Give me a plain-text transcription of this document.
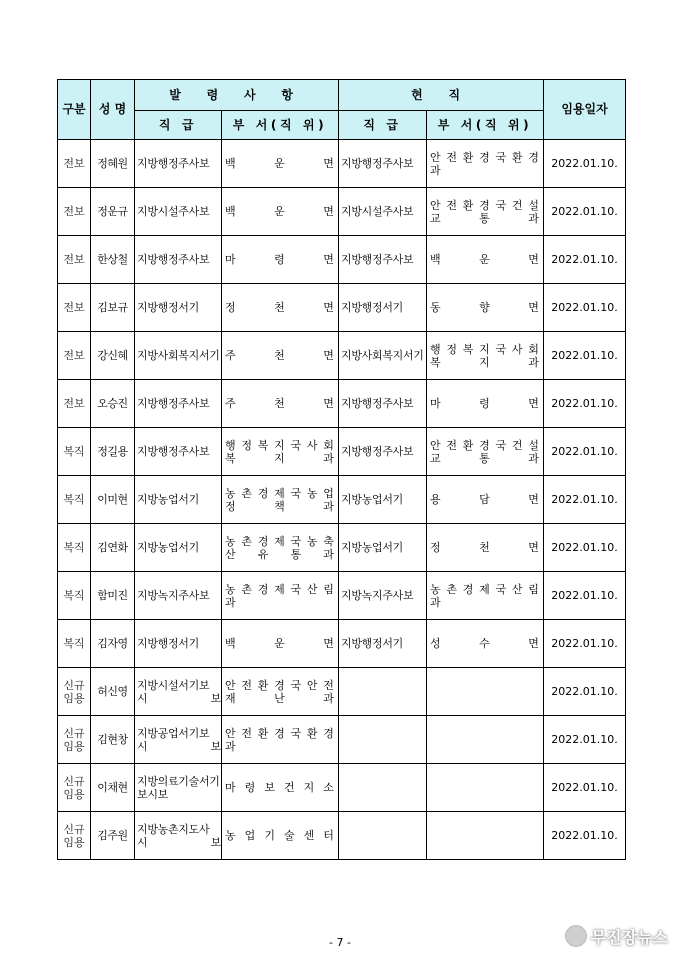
구분	성 명	발 령 사 항		현 직		임용일자
		직 급	부 서(직 위)	직 급	부 서(직 위)	
전보	정혜원	지방행정주사보	백 운 면	지방행정주사보	안 전 환 경 국 환 경 과	2022.01.10.
전보	정운규	지방시설주사보	백 운 면	지방시설주사보	안 전 환 경 국 건 설 교 통 과	2022.01.10.
전보	한상철	지방행정주사보	마 령 면	지방행정주사보	백 운 면	2022.01.10.
전보	김보규	지방행정서기	정 천 면	지방행정서기	동 향 면	2022.01.10.
전보	강신혜	지방사회복지서기	주 천 면	지방사회복지서기	행 정 복 지 국 사 회 복 지 과	2022.01.10.
전보	오승진	지방행정주사보	주 천 면	지방행정주사보	마 령 면	2022.01.10.
복직	정길용	지방행정주사보	행 정 복 지 국 사 회 복 지 과	지방행정주사보	안 전 환 경 국 건 설 교 통 과	2022.01.10.
복직	이미현	지방농업서기	농 촌 경 제 국 농 업 정 책 과	지방농업서기	용 담 면	2022.01.10.
복직	김연화	지방농업서기	농 촌 경 제 국 농 축 산 유 통 과	지방농업서기	정 천 면	2022.01.10.
복직	함미진	지방녹지주사보	농 촌 경 제 국 산 림 과	지방녹지주사보	농 촌 경 제 국 산 림 과	2022.01.10.
복직	김자영	지방행정서기	백 운 면	지방행정서기	성 수 면	2022.01.10.
신규 임용	허신영	지방시설서기보 시 보	안 전 환 경 국 안 전 재 난 과			2022.01.10.
신규 임용	김현창	지방공업서기보 시 보	안 전 환 경 국 환 경 과			2022.01.10.
신규 임용	이채현	지방의료기술서기보시보	마 령 보 건 지 소			2022.01.10.
신규 임용	김주원	지방농촌지도사 시 보	농 업 기 술 센 터			2022.01.10.
- 7 -	무진장뉴스
